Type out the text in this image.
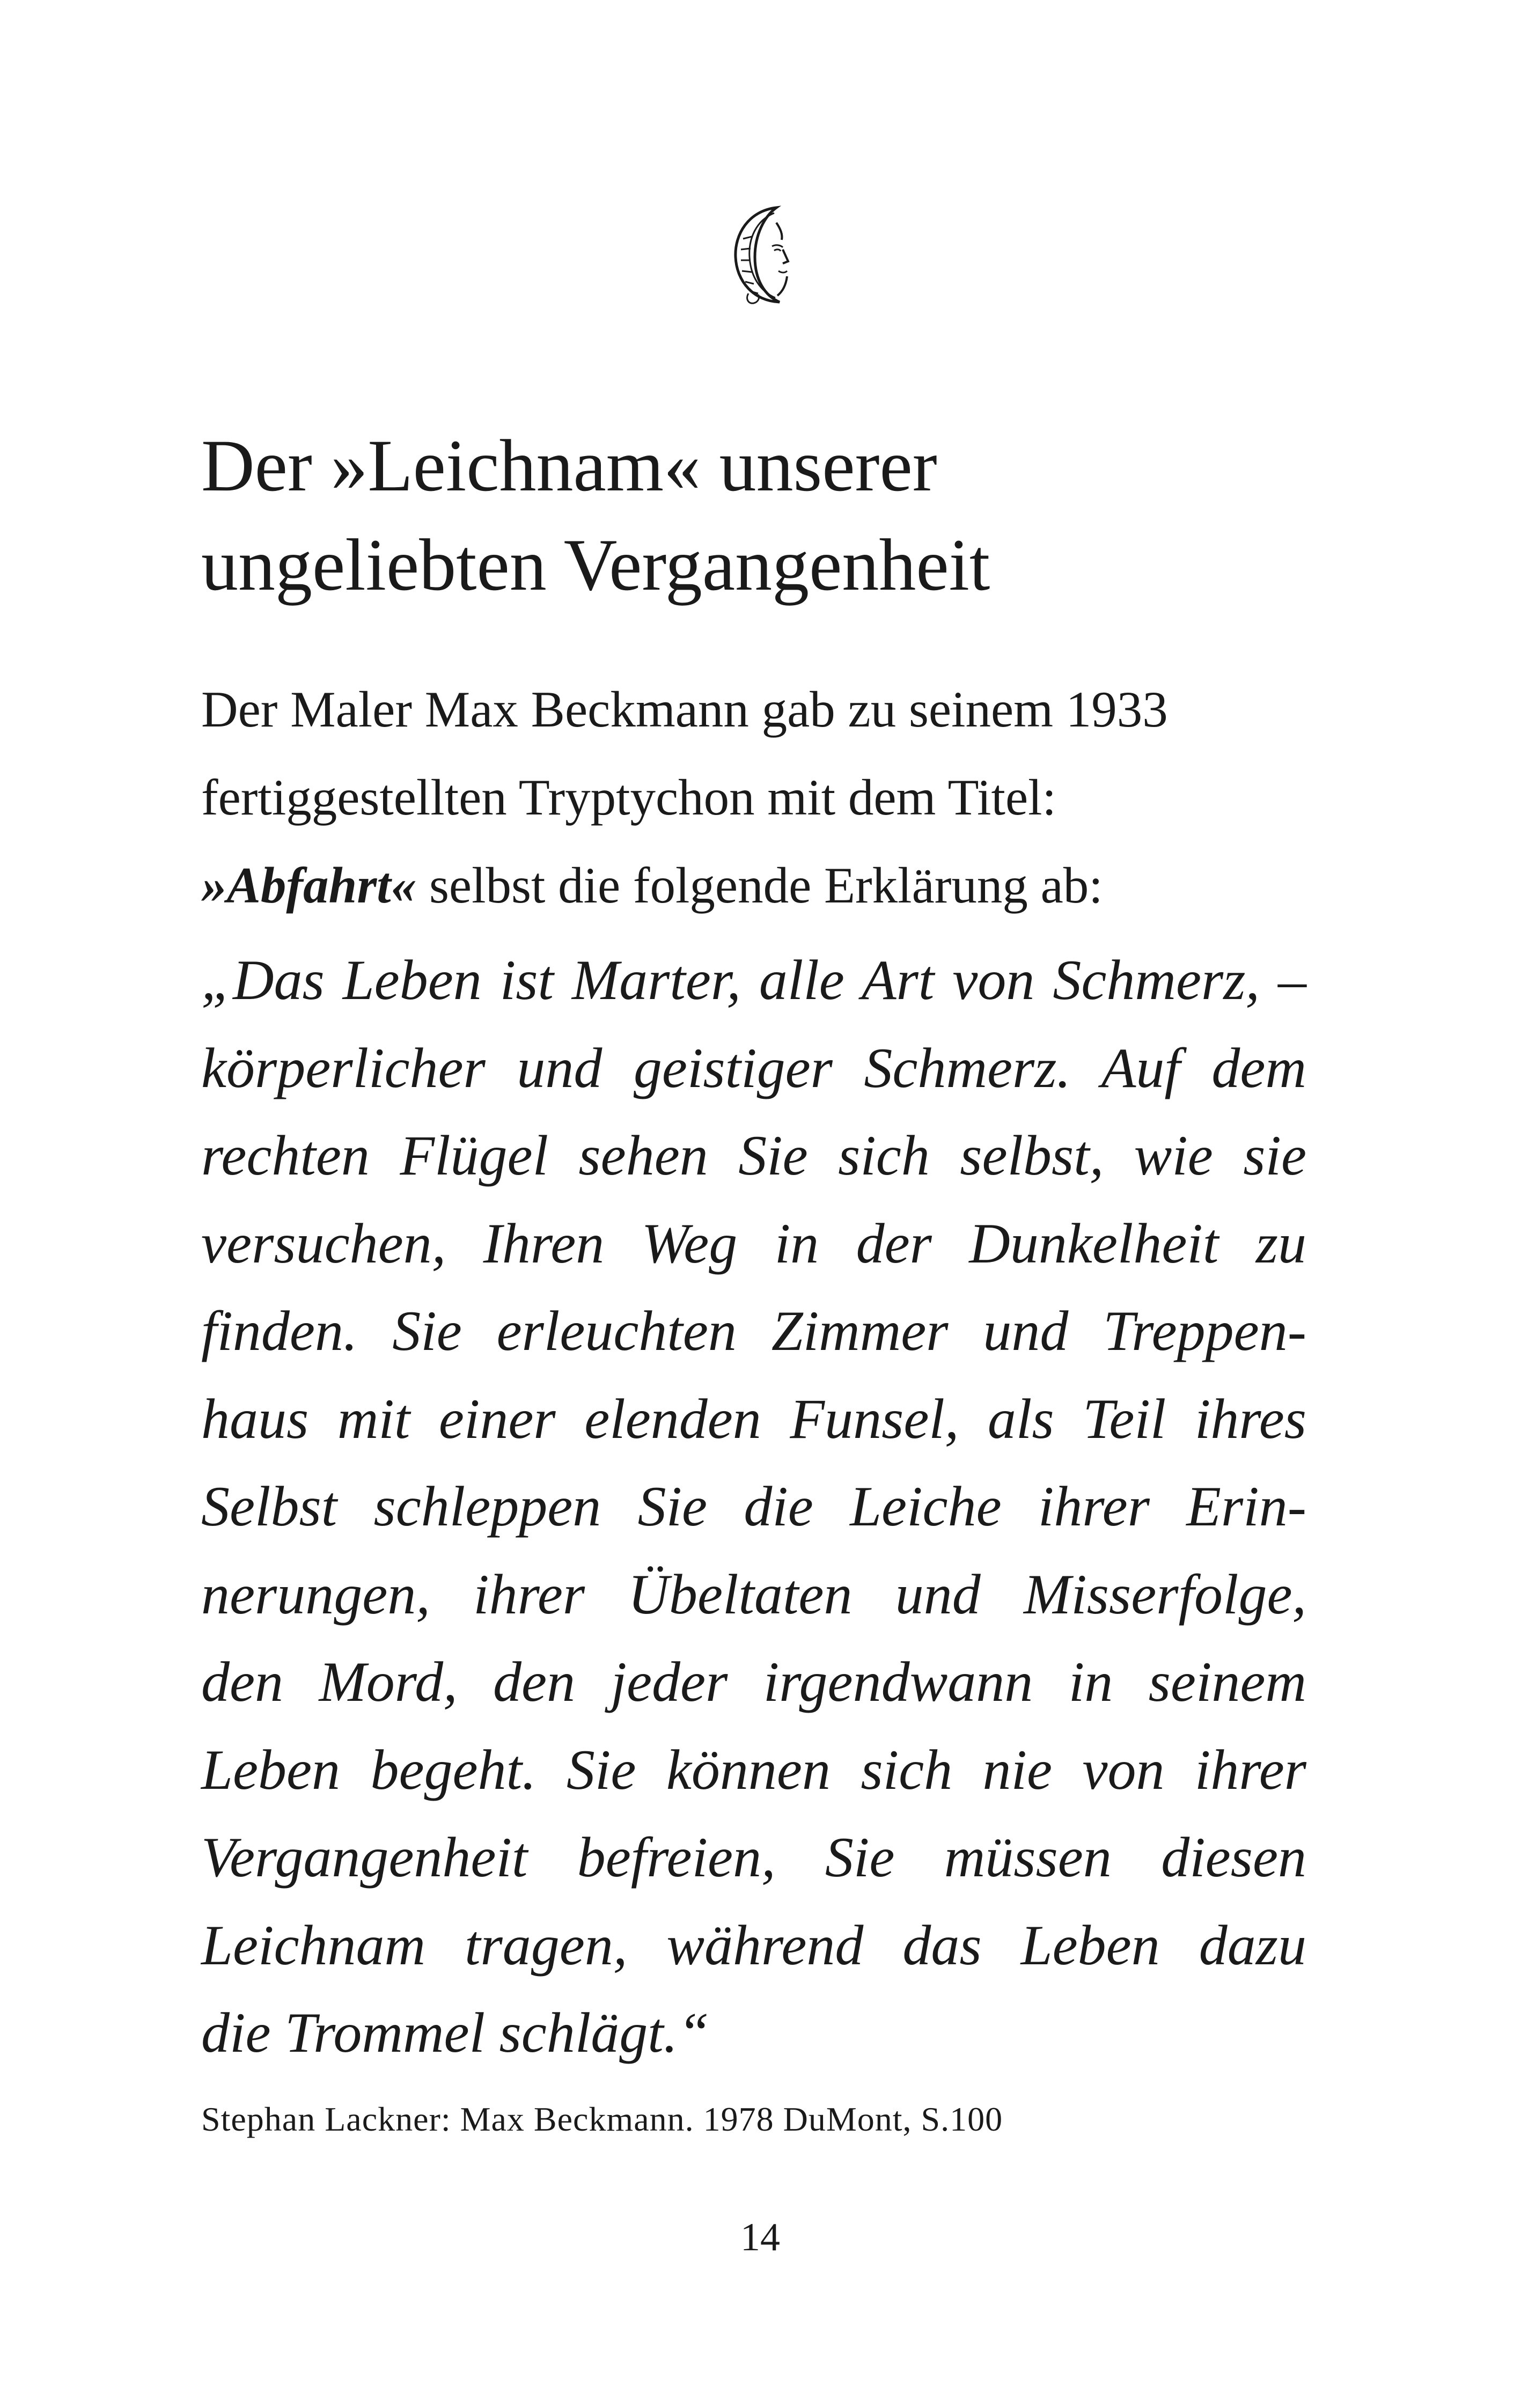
Der »Leichnam« unserer
ungeliebten Vergangenheit

Der Maler Max Beckmann gab zu seinem 1933
fertiggestellten Tryptychon mit dem Titel:
»Abfahrt« selbst die folgende Erklärung ab:

„Das Leben ist Marter, alle Art von Schmerz, –
körperlicher und geistiger Schmerz. Auf dem
rechten Flügel sehen Sie sich selbst, wie sie
versuchen, Ihren Weg in der Dunkelheit zu
finden. Sie erleuchten Zimmer und Treppen-
haus mit einer elenden Funsel, als Teil ihres
Selbst schleppen Sie die Leiche ihrer Erin-
nerungen, ihrer Übeltaten und Misserfolge,
den Mord, den jeder irgendwann in seinem
Leben begeht. Sie können sich nie von ihrer
Vergangenheit befreien, Sie müssen diesen
Leichnam tragen, während das Leben dazu
die Trommel schlägt.“

Stephan Lackner: Max Beckmann. 1978 DuMont, S.100

14
